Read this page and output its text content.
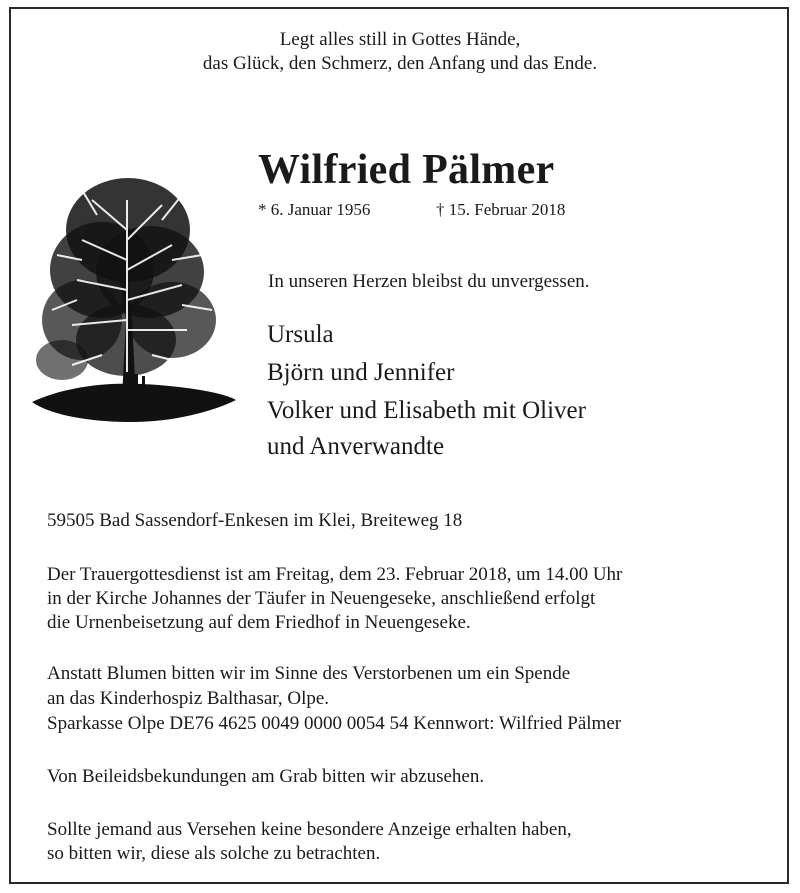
Legt alles still in Gottes Hände,
das Glück, den Schmerz, den Anfang und das Ende.
Wilfried Pälmer
* 6. Januar 1956	† 15. Februar 2018
In unseren Herzen bleibst du unvergessen.
Ursula
Björn und Jennifer
Volker und Elisabeth mit Oliver
und Anverwandte
59505 Bad Sassendorf-Enkesen im Klei, Breiteweg 18
Der Trauergottesdienst ist am Freitag, dem 23. Februar 2018, um 14.00 Uhr
in der Kirche Johannes der Täufer in Neuengeseke, anschließend erfolgt
die Urnenbeisetzung auf dem Friedhof in Neuengeseke.
Anstatt Blumen bitten wir im Sinne des Verstorbenen um ein Spende
an das Kinderhospiz Balthasar, Olpe.
Sparkasse Olpe DE76 4625 0049 0000 0054 54 Kennwort: Wilfried Pälmer
Von Beileidsbekundungen am Grab bitten wir abzusehen.
Sollte jemand aus Versehen keine besondere Anzeige erhalten haben,
so bitten wir, diese als solche zu betrachten.
